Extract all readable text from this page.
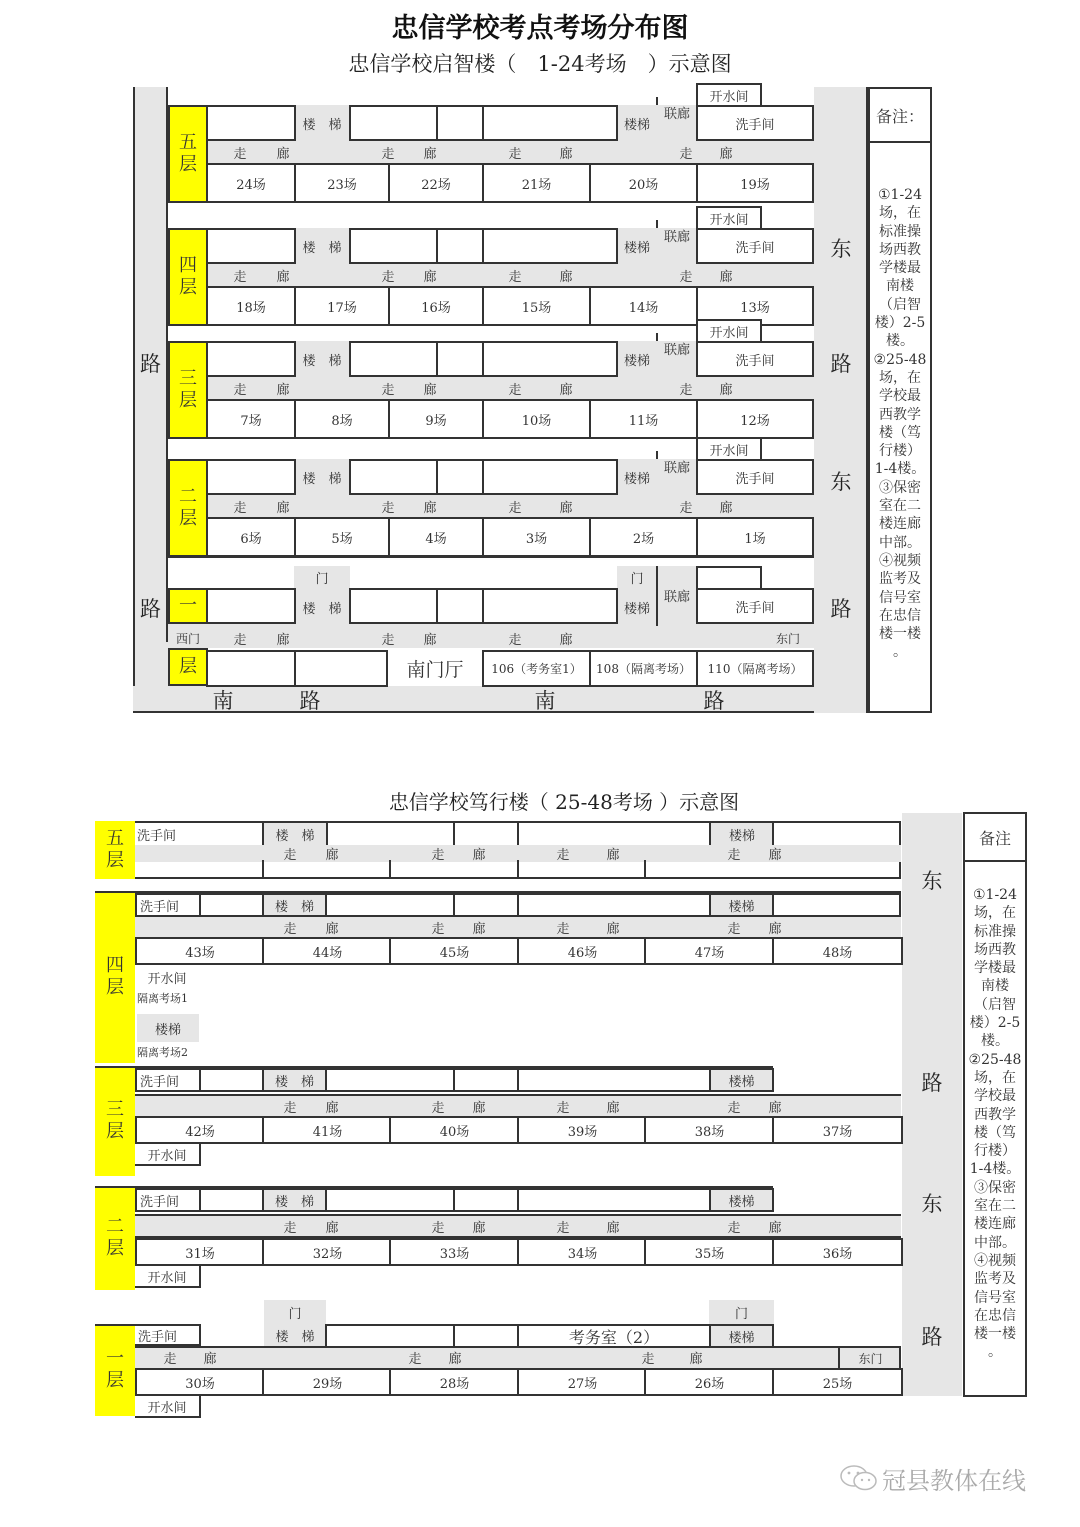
忠信学校考点考场分布图
忠信学校启智楼（　1-24考场　）示意图
路
路
东
路
东
路
南	路	南	路
备注：
①1-24
场，在
标准操
场西教
学楼最
南楼
（启智
楼）2-5
楼。
②25-48
场，在
学校最
西教学
楼（笃
行楼）
1-4楼。
③保密
室在二
楼连廊
中部。
④视频
监考及
信号室
在忠信
楼一楼
。
五
层
楼　梯	楼梯
联廊
开水间
洗手间
走 廊	走 廊	走	廊	走 廊
24场	23场	22场	21场	20场	19场
四
层
楼　梯	楼梯
联廊
开水间
洗手间
走 廊	走 廊	走	廊	走 廊
18场	17场	16场	15场	14场	13场
三
层
楼　梯	楼梯
联廊
开水间
洗手间
走 廊	走 廊	走	廊	走 廊
7场	8场	9场	10场	11场	12场
二
层
楼　梯	楼梯
联廊
开水间
洗手间
走 廊	走 廊	走	廊	走 廊
6场	5场	4场	3场	2场	1场
一
层
门
楼　梯
门
楼梯
联廊
洗手间
西门	东门
走 廊	走 廊	走	廊
南门厅	106（考务室1）	108（隔离考场）	110（隔离考场）
忠信学校笃行楼（ 25-48考场 ）示意图
东
路
东
路
备注
①1-24
场，在
标准操
场西教
学楼最
南楼
（启智
楼）2-5
楼。
②25-48
场，在
学校最
西教学
楼（笃
行楼）
1-4楼。
③保密
室在二
楼连廊
中部。
④视频
监考及
信号室
在忠信
楼一楼
。
五
层
洗手间	楼　梯	楼梯
走 廊	走 廊	走	廊	走 廊
四
层
洗手间	楼　梯	楼梯
走 廊	走 廊	走	廊	走 廊
43场	44场	45场	46场	47场	48场
开水间
隔离考场1
楼梯
隔离考场2
三
层
洗手间	楼　梯	楼梯
走 廊	走 廊	走	廊	走 廊
42场	41场	40场	39场	38场	37场
开水间
二
层
洗手间	楼　梯	楼梯
走 廊	走 廊	走	廊	走 廊
31场	32场	33场	34场	35场	36场
开水间
一
层
洗手间
门
楼　梯	考务室（2）
门
楼梯
走 廊	走 廊	走	廊	东门
30场	29场	28场	27场	26场	25场
开水间
冠县教体在线
